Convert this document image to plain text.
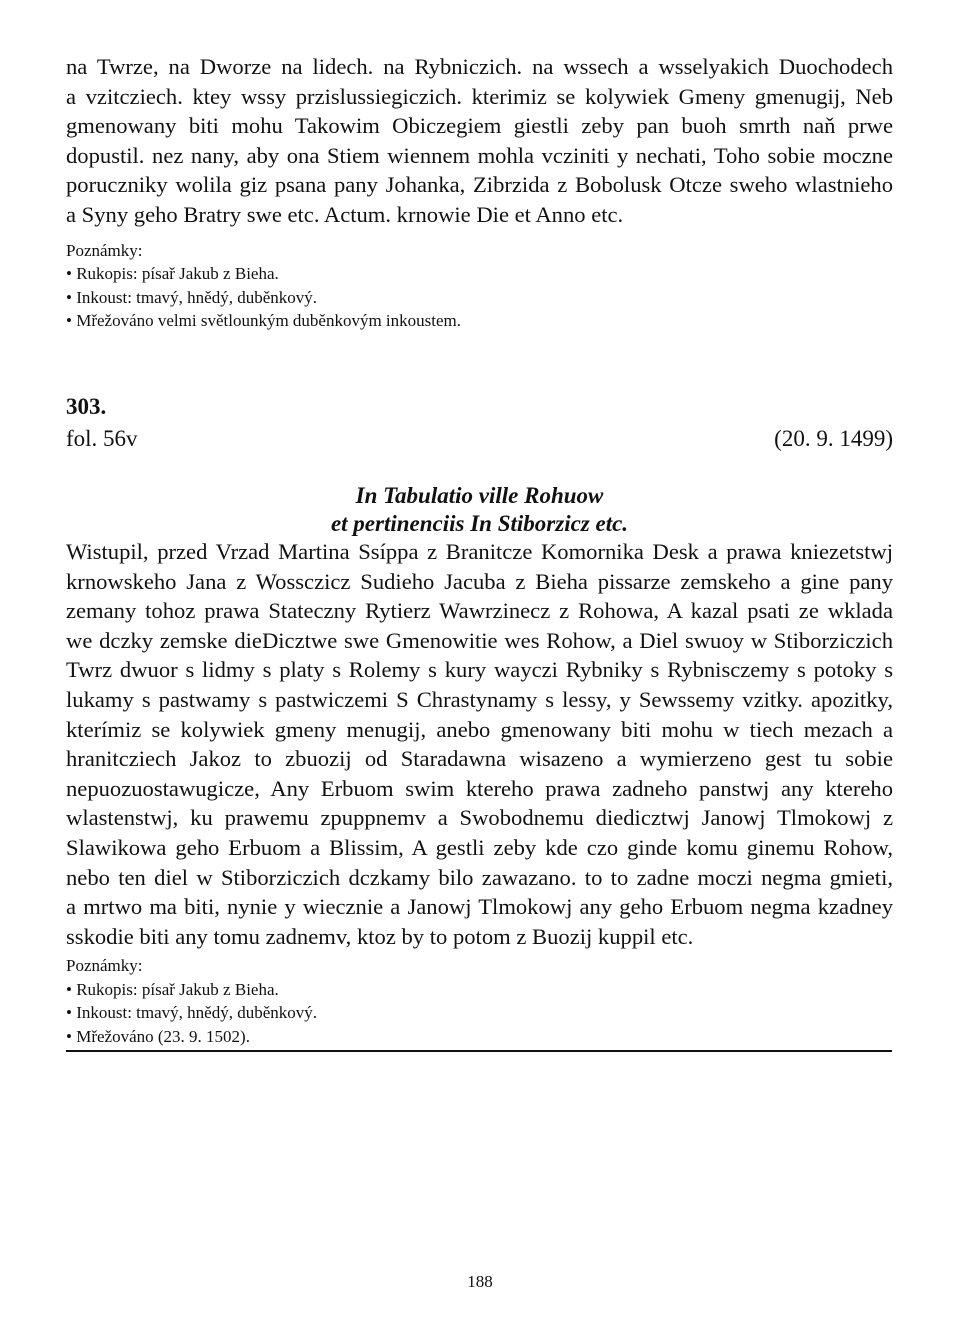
na Twrze, na Dworze na lidech. na Rybniczich. na wssech a wsselyakich Duochodech
a vzitcziech. ktey wssy przislussiegiczich. kterimiz se kolywiek Gmeny gmenugij, Neb
gmenowany biti mohu Takowim Obiczegiem giestli zeby pan buoh smrth naň prwe
dopustil. nez nany, aby ona Stiem wiennem mohla vcziniti y nechati, Toho sobie moczne
poruczniky wolila giz psana pany Johanka, Zibrzida z Bobolusk Otcze sweho wlastnieho
a Syny geho Bratry swe etc. Actum. krnowie Die et Anno etc.

Poznámky:
• Rukopis: písař Jakub z Bieha.
• Inkoust: tmavý, hnědý, duběnkový.
• Mřežováno velmi světlounkým duběnkovým inkoustem.
303.
fol. 56v	(20. 9. 1499)
In Tabulatio ville Rohuow
et pertinenciis In Stiborzicz etc.

Wistupil, przed Vrzad Martina Ssíppa z Branitcze Komornika Desk a prawa kniezetstwj
krnowskeho Jana z Wossczicz Sudieho Jacuba z Bieha pissarze zemskeho a gine pany
zemany tohoz prawa Stateczny Rytierz Wawrzinecz z Rohowa, A kazal psati ze wklada
we dczky zemske dieDicztwe swe Gmenowitie wes Rohow, a Diel swuoy w Stiborziczich
Twrz dwuor s lidmy s platy s Rolemy s kury wayczi Rybniky s Rybnisczemy s potoky s
lukamy s pastwamy s pastwiczemi S Chrastynamy s lessy, y Sewssemy vzitky. apozitky,
kterímiz se kolywiek gmeny menugij, anebo gmenowany biti mohu w tiech mezach a
hranitcziech Jakoz to zbuozij od Staradawna wisazeno a wymierzeno gest tu sobie
nepuozuostawugicze, Any Erbuom swim ktereho prawa zadneho panstwj any ktereho
wlastenstwj, ku prawemu zpuppnemv a Swobodnemu diedicztwj Janowj Tlmokowj z
Slawikowa geho Erbuom a Blissim, A gestli zeby kde czo ginde komu ginemu Rohow,
nebo ten diel w Stiborziczich dczkamy bilo zawazano. to to zadne moczi negma gmieti,
a mrtwo ma biti, nynie y wiecznie a Janowj Tlmokowj any geho Erbuom negma kzadney
sskodie biti any tomu zadnemv, ktoz by to potom z Buozij kuppil etc.

Poznámky:
• Rukopis: písař Jakub z Bieha.
• Inkoust: tmavý, hnědý, duběnkový.
• Mřežováno (23. 9. 1502).
188
